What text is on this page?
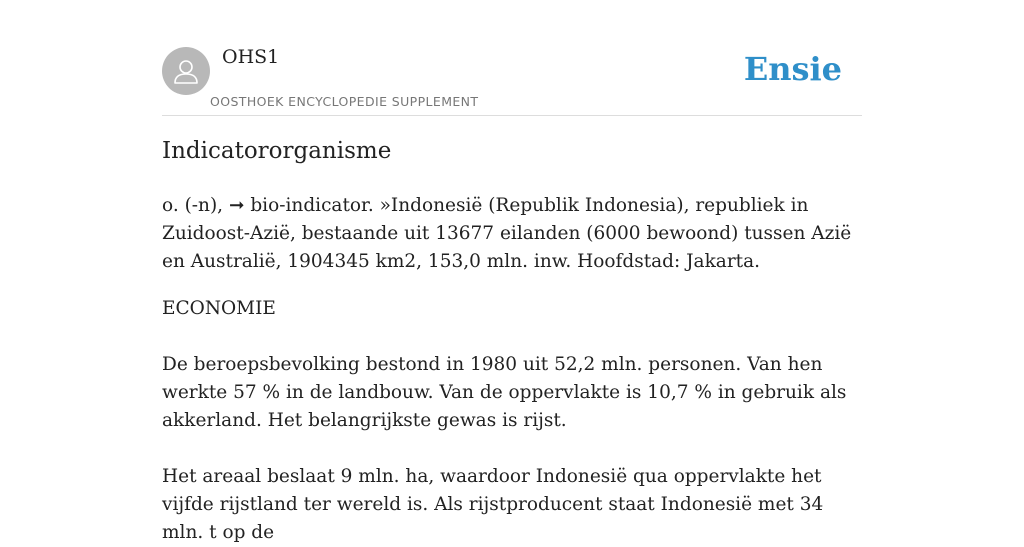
OHS1
OOSTHOEK ENCYCLOPEDIE SUPPLEMENT
Ensie
Indicatororganisme

o. (-n), ➞ bio-indicator. »Indonesië (Republik Indonesia), republiek in Zuidoost-Azië, bestaande uit 13677 eilanden (6000 bewoond) tussen Azië en Australië, 1904345 km2, 153,0 mln. inw. Hoofdstad: Jakarta.

ECONOMIE

De beroepsbevolking bestond in 1980 uit 52,2 mln. personen. Van hen werkte 57 % in de landbouw. Van de oppervlakte is 10,7 % in gebruik als akkerland. Het belangrijkste gewas is rijst.

Het areaal beslaat 9 mln. ha, waardoor Indonesië qua oppervlakte het vijfde rijstland ter wereld is. Als rijstproducent staat Indonesië met 34 mln. t op de
